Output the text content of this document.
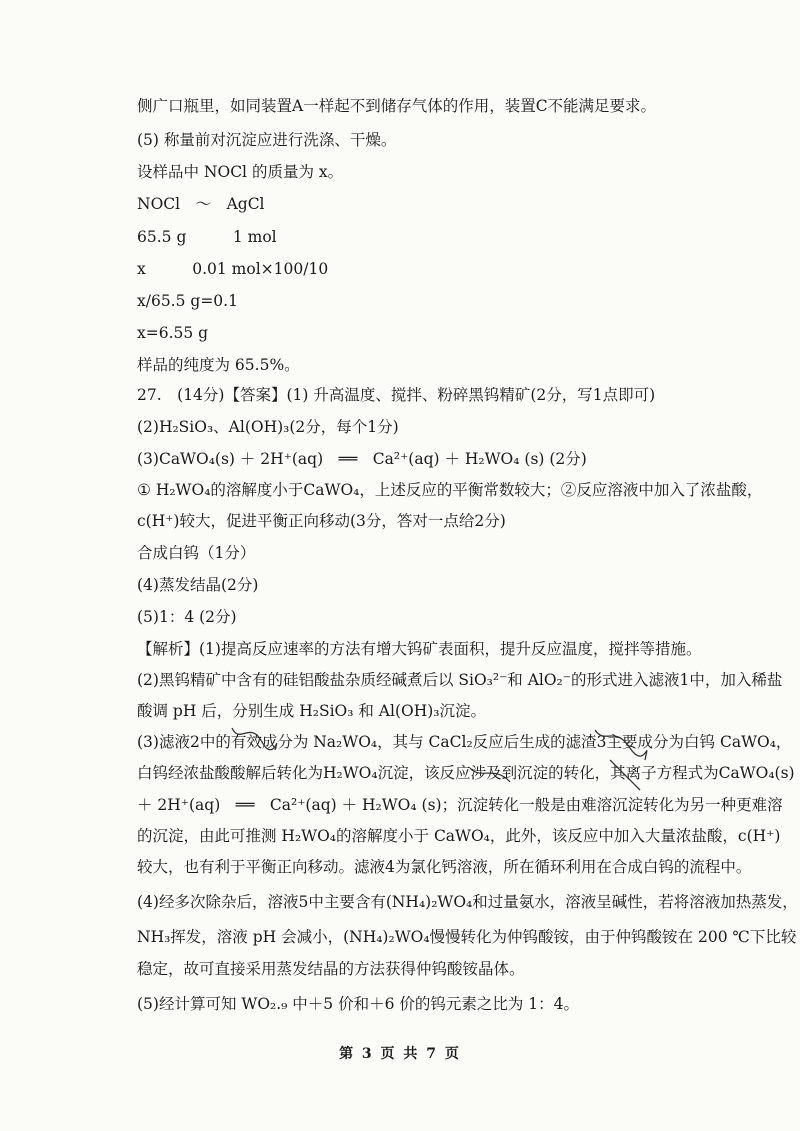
侧广口瓶里，如同装置A一样起不到储存气体的作用，装置C不能满足要求。
(5) 称量前对沉淀应进行洗涤、干燥。
设样品中 NOCl 的质量为 x。
NOCl　～　AgCl
65.5 g　　　1 mol
x　　　0.01 mol×100/10
x/65.5 g=0.1
x=6.55 g
样品的纯度为 65.5%。
27.　(14分)【答案】(1) 升高温度、搅拌、粉碎黑钨精矿(2分，写1点即可)
(2)H₂SiO₃、Al(OH)₃(2分，每个1分)
(3)CaWO₄(s) ＋ 2H⁺(aq)　══　Ca²⁺(aq) ＋ H₂WO₄ (s) (2分)
① H₂WO₄的溶解度小于CaWO₄，上述反应的平衡常数较大；②反应溶液中加入了浓盐酸，
c(H⁺)较大，促进平衡正向移动(3分，答对一点给2分)
合成白钨（1分）
(4)蒸发结晶(2分)
(5)1：4 (2分)
【解析】(1)提高反应速率的方法有增大钨矿表面积，提升反应温度，搅拌等措施。
(2)黑钨精矿中含有的硅铝酸盐杂质经碱煮后以 SiO₃²⁻和 AlO₂⁻的形式进入滤液1中，加入稀盐
酸调 pH 后，分别生成 H₂SiO₃ 和 Al(OH)₃沉淀。
(3)滤液2中的有效成分为 Na₂WO₄，其与 CaCl₂反应后生成的滤渣3主要成分为白钨 CaWO₄，
白钨经浓盐酸酸解后转化为H₂WO₄沉淀，该反应涉及到沉淀的转化，其离子方程式为CaWO₄(s)
＋ 2H⁺(aq)　══　Ca²⁺(aq) ＋ H₂WO₄ (s)；沉淀转化一般是由难溶沉淀转化为另一种更难溶
的沉淀，由此可推测 H₂WO₄的溶解度小于 CaWO₄，此外，该反应中加入大量浓盐酸，c(H⁺)
较大，也有利于平衡正向移动。滤液4为氯化钙溶液，所在循环利用在合成白钨的流程中。
(4)经多次除杂后，溶液5中主要含有(NH₄)₂WO₄和过量氨水，溶液呈碱性，若将溶液加热蒸发，
NH₃挥发，溶液 pH 会减小，(NH₄)₂WO₄慢慢转化为仲钨酸铵，由于仲钨酸铵在 200 ℃下比较
稳定，故可直接采用蒸发结晶的方法获得仲钨酸铵晶体。
(5)经计算可知 WO₂.₉ 中＋5 价和＋6 价的钨元素之比为 1：4。
第 3 页 共 7 页
